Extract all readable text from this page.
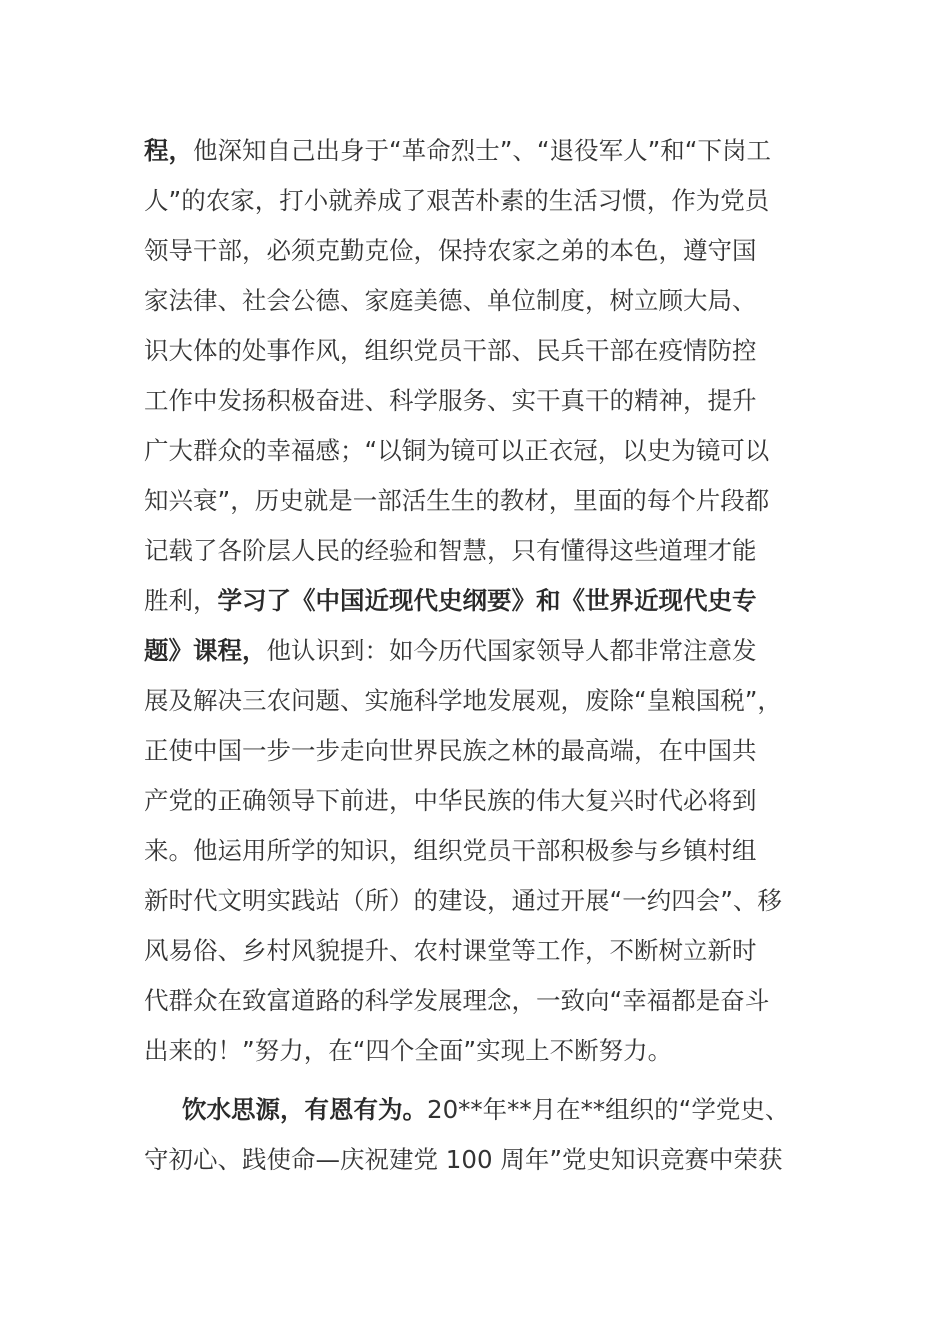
程，他深知自己出身于“革命烈士”、“退役军人”和“下岗工
人”的农家，打小就养成了艰苦朴素的生活习惯，作为党员
领导干部，必须克勤克俭，保持农家之弟的本色，遵守国
家法律、社会公德、家庭美德、单位制度，树立顾大局、
识大体的处事作风，组织党员干部、民兵干部在疫情防控
工作中发扬积极奋进、科学服务、实干真干的精神，提升
广大群众的幸福感；“以铜为镜可以正衣冠，以史为镜可以
知兴衰”，历史就是一部活生生的教材，里面的每个片段都
记载了各阶层人民的经验和智慧，只有懂得这些道理才能
胜利，学习了《中国近现代史纲要》和《世界近现代史专
题》课程，他认识到：如今历代国家领导人都非常注意发
展及解决三农问题、实施科学地发展观，废除“皇粮国税”，
正使中国一步一步走向世界民族之林的最高端，在中国共
产党的正确领导下前进，中华民族的伟大复兴时代必将到
来。他运用所学的知识，组织党员干部积极参与乡镇村组
新时代文明实践站（所）的建设，通过开展“一约四会”、移
风易俗、乡村风貌提升、农村课堂等工作，不断树立新时
代群众在致富道路的科学发展理念，一致向“幸福都是奋斗
出来的！”努力，在“四个全面”实现上不断努力。
饮水思源，有恩有为。20**年**月在**组织的“学党史、
守初心、践使命—庆祝建党 100 周年”党史知识竞赛中荣获
